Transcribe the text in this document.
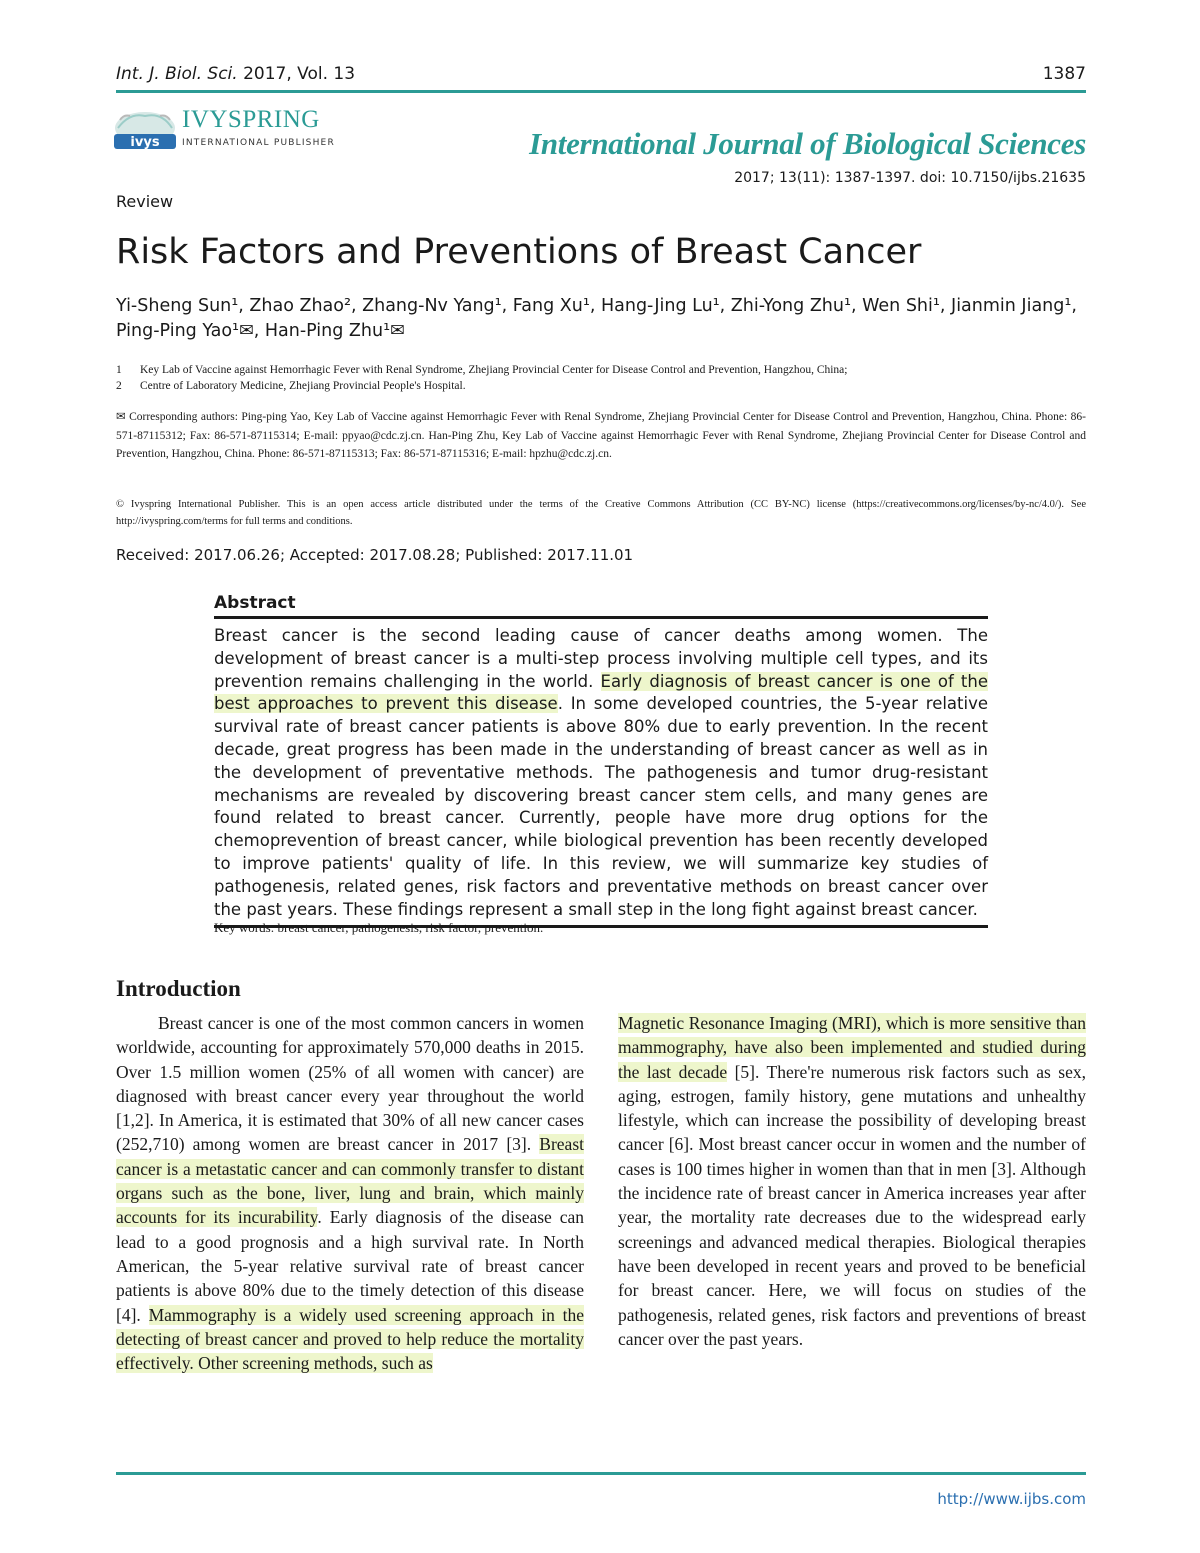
Int. J. Biol. Sci. 2017, Vol. 13	1387
ivys
IVYSPRING
INTERNATIONAL PUBLISHER	International Journal of Biological Sciences
2017; 13(11): 1387-1397. doi: 10.7150/ijbs.21635
Review
Risk Factors and Preventions of Breast Cancer
Yi-Sheng Sun¹, Zhao Zhao², Zhang-Nv Yang¹, Fang Xu¹, Hang-Jing Lu¹, Zhi-Yong Zhu¹, Wen Shi¹, Jianmin Jiang¹, Ping-Ping Yao¹✉, Han-Ping Zhu¹✉
1 Key Lab of Vaccine against Hemorrhagic Fever with Renal Syndrome, Zhejiang Provincial Center for Disease Control and Prevention, Hangzhou, China;
2 Centre of Laboratory Medicine, Zhejiang Provincial People's Hospital.
✉ Corresponding authors: Ping-ping Yao, Key Lab of Vaccine against Hemorrhagic Fever with Renal Syndrome, Zhejiang Provincial Center for Disease Control and Prevention, Hangzhou, China. Phone: 86-571-87115312; Fax: 86-571-87115314; E-mail: ppyao@cdc.zj.cn. Han-Ping Zhu, Key Lab of Vaccine against Hemorrhagic Fever with Renal Syndrome, Zhejiang Provincial Center for Disease Control and Prevention, Hangzhou, China. Phone: 86-571-87115313; Fax: 86-571-87115316; E-mail: hpzhu@cdc.zj.cn.
© Ivyspring International Publisher. This is an open access article distributed under the terms of the Creative Commons Attribution (CC BY-NC) license (https://creativecommons.org/licenses/by-nc/4.0/). See http://ivyspring.com/terms for full terms and conditions.
Received: 2017.06.26; Accepted: 2017.08.28; Published: 2017.11.01
Abstract
Breast cancer is the second leading cause of cancer deaths among women. The development of breast cancer is a multi-step process involving multiple cell types, and its prevention remains challenging in the world. Early diagnosis of breast cancer is one of the best approaches to prevent this disease. In some developed countries, the 5-year relative survival rate of breast cancer patients is above 80% due to early prevention. In the recent decade, great progress has been made in the understanding of breast cancer as well as in the development of preventative methods. The pathogenesis and tumor drug-resistant mechanisms are revealed by discovering breast cancer stem cells, and many genes are found related to breast cancer. Currently, people have more drug options for the chemoprevention of breast cancer, while biological prevention has been recently developed to improve patients' quality of life. In this review, we will summarize key studies of pathogenesis, related genes, risk factors and preventative methods on breast cancer over the past years. These findings represent a small step in the long fight against breast cancer.
Key words: breast cancer, pathogenesis, risk factor, prevention.
Introduction

Breast cancer is one of the most common cancers in women worldwide, accounting for approximately 570,000 deaths in 2015. Over 1.5 million women (25% of all women with cancer) are diagnosed with breast cancer every year throughout the world [1,2]. In America, it is estimated that 30% of all new cancer cases (252,710) among women are breast cancer in 2017 [3]. Breast cancer is a metastatic cancer and can commonly transfer to distant organs such as the bone, liver, lung and brain, which mainly accounts for its incurability. Early diagnosis of the disease can lead to a good prognosis and a high survival rate. In North American, the 5-year relative survival rate of breast cancer patients is above 80% due to the timely detection of this disease [4]. Mammography is a widely used screening approach in the detecting of breast cancer and proved to help reduce the mortality effectively. Other screening methods, such as

Magnetic Resonance Imaging (MRI), which is more sensitive than mammography, have also been implemented and studied during the last decade [5]. There're numerous risk factors such as sex, aging, estrogen, family history, gene mutations and unhealthy lifestyle, which can increase the possibility of developing breast cancer [6]. Most breast cancer occur in women and the number of cases is 100 times higher in women than that in men [3]. Although the incidence rate of breast cancer in America increases year after year, the mortality rate decreases due to the widespread early screenings and advanced medical therapies. Biological therapies have been developed in recent years and proved to be beneficial for breast cancer. Here, we will focus on studies of the pathogenesis, related genes, risk factors and preventions of breast cancer over the past years.

http://www.ijbs.com
